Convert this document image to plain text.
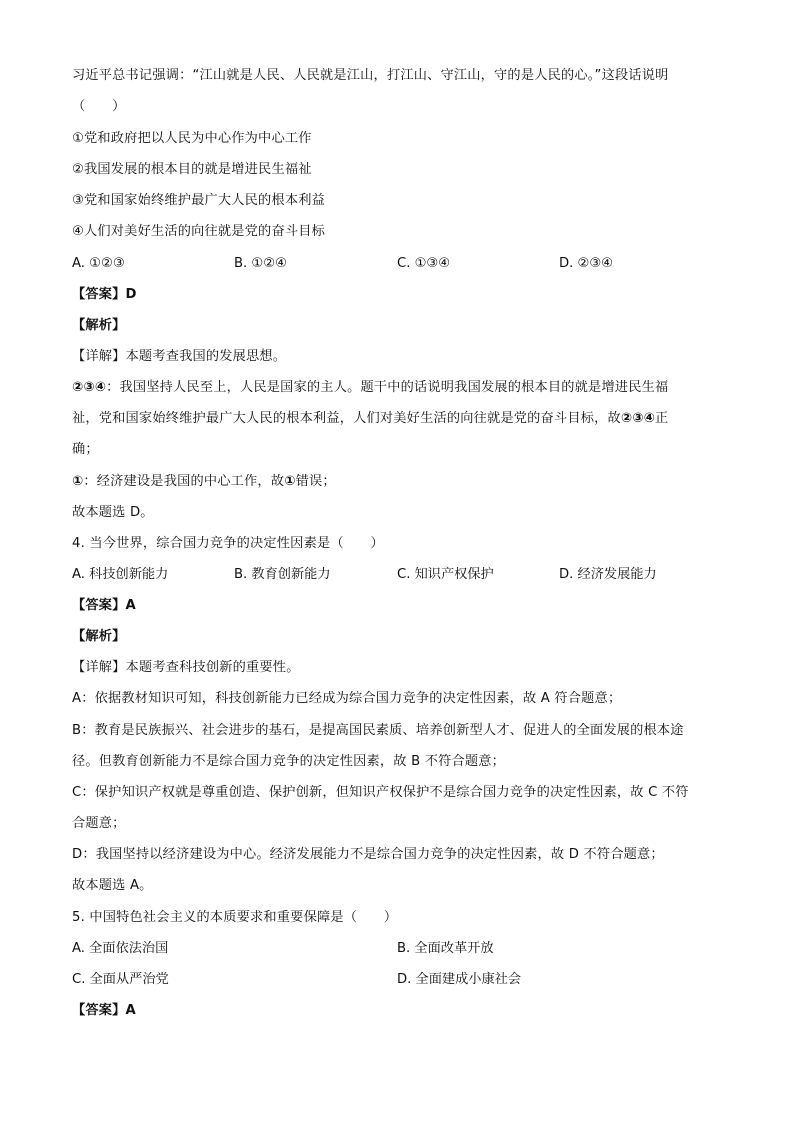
习近平总书记强调：“江山就是人民、人民就是江山，打江山、守江山，守的是人民的心。”这段话说明
（　　）
①党和政府把以人民为中心作为中心工作
②我国发展的根本目的就是增进民生福祉
③党和国家始终维护最广大人民的根本利益
④人们对美好生活的向往就是党的奋斗目标
A. ①②③	B. ①②④	C. ①③④	D. ②③④
【答案】D
【解析】
【详解】本题考查我国的发展思想。
②③④：我国坚持人民至上，人民是国家的主人。题干中的话说明我国发展的根本目的就是增进民生福
祉，党和国家始终维护最广大人民的根本利益，人们对美好生活的向往就是党的奋斗目标，故②③④正
确；
①：经济建设是我国的中心工作，故①错误；
故本题选 D。
4. 当今世界，综合国力竞争的决定性因素是（　　）
A. 科技创新能力	B. 教育创新能力	C. 知识产权保护	D. 经济发展能力
【答案】A
【解析】
【详解】本题考查科技创新的重要性。
A：依据教材知识可知，科技创新能力已经成为综合国力竞争的决定性因素，故 A 符合题意；
B：教育是民族振兴、社会进步的基石，是提高国民素质、培养创新型人才、促进人的全面发展的根本途
径。但教育创新能力不是综合国力竞争的决定性因素，故 B 不符合题意；
C：保护知识产权就是尊重创造、保护创新，但知识产权保护不是综合国力竞争的决定性因素，故 C 不符
合题意；
D：我国坚持以经济建设为中心。经济发展能力不是综合国力竞争的决定性因素，故 D 不符合题意；
故本题选 A。
5. 中国特色社会主义的本质要求和重要保障是（　　）
A. 全面依法治国	B. 全面改革开放
C. 全面从严治党	D. 全面建成小康社会
【答案】A
